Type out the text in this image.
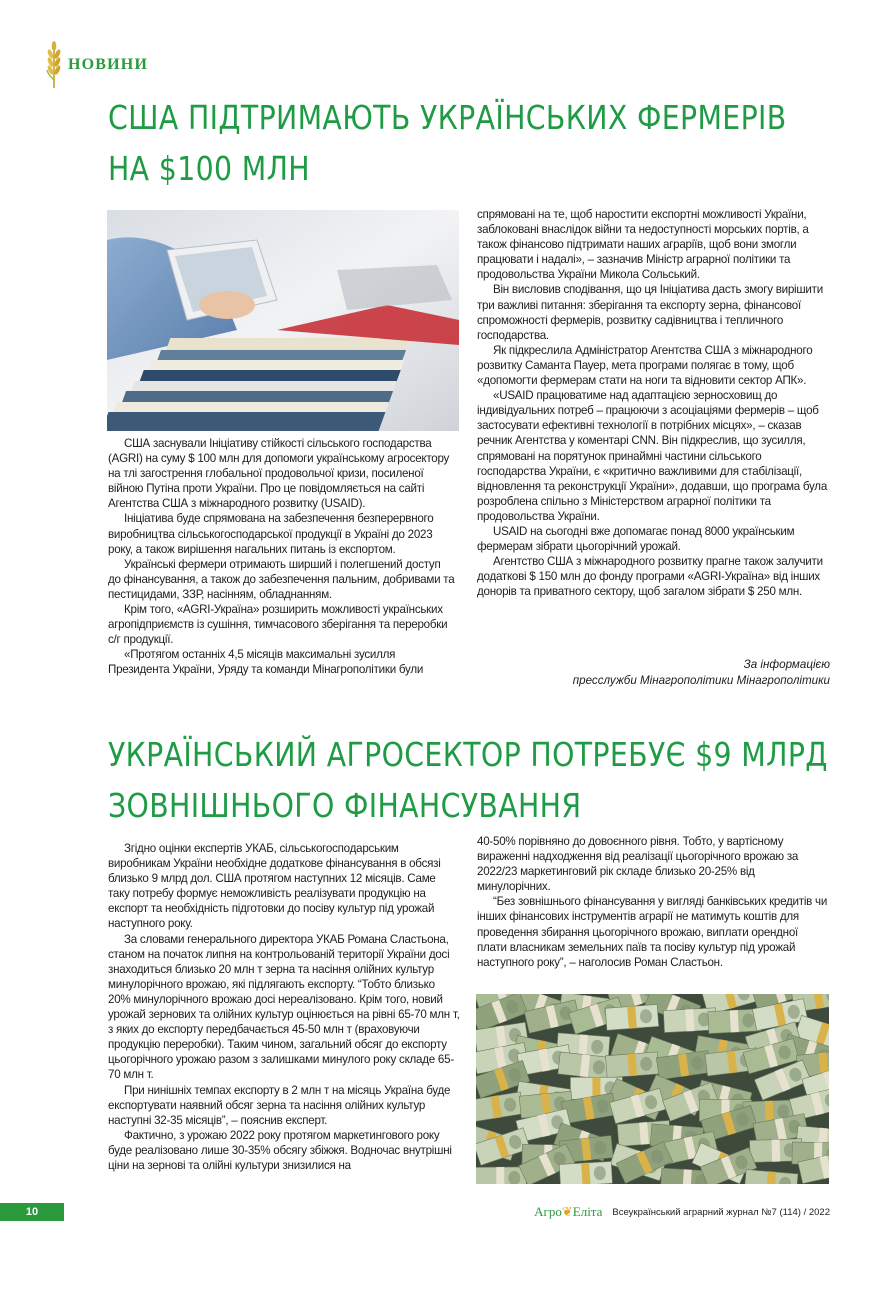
НОВИНИ
США ПІДТРИМАЮТЬ УКРАЇНСЬКИХ ФЕРМЕРІВ
НА $100 МЛН

США заснували Ініціативу стійкості сільського господарства (AGRI) на суму $ 100 млн для допомоги українському агросектору на тлі загострення глобальної продовольчої кризи, посиленої війною Путіна проти України. Про це повідомляється на сайті Агентства США з міжнародного розвитку (USAID).

Ініціатива буде спрямована на забезпечення безперервного виробництва сільськогосподарської продукції в Україні до 2023 року, а також вирішення нагальних питань із експортом.

Українські фермери отримають ширший і полегшений доступ до фінансування, а також до забезпечення пальним, добривами та пестицидами, ЗЗР, насінням, обладнанням.

Крім того, «AGRI-Україна» розширить можливості українських агропідприємств із сушіння, тимчасового зберігання та переробки с/г продукції.

«Протягом останніх 4,5 місяців максимальні зусилля Президента України, Уряду та команди Мінагрополітики були

спрямовані на те, щоб наростити експортні можливості України, заблоковані внаслідок війни та недоступності морських портів, а також фінансово підтримати наших аграріїв, щоб вони змогли працювати і надалі», – зазначив Міністр аграрної політики та продовольства України Микола Сольський.

Він висловив сподівання, що ця Ініціатива дасть змогу вирішити три важливі питання: зберігання та експорту зерна, фінансової спроможності фермерів, розвитку садівництва і тепличного господарства.

Як підкреслила Адміністратор Агентства США з міжнародного розвитку Саманта Пауер, мета програми полягає в тому, щоб «допомогти фермерам стати на ноги та відновити сектор АПК».

«USAID працюватиме над адаптацією зерносховищ до індивідуальних потреб – працюючи з асоціаціями фермерів – щоб застосувати ефективні технології в потрібних місцях», – сказав речник Агентства у коментарі CNN. Він підкреслив, що зусилля, спрямовані на порятунок принаймні частини сільського господарства України, є «критично важливими для стабілізації, відновлення та реконструкції України», додавши, що програма була розроблена спільно з Міністерством аграрної політики та продовольства України.

USAID на сьогодні вже допомагає понад 8000 українським фермерам зібрати цьогорічний урожай.

Агентство США з міжнародного розвитку прагне також залучити додаткові $ 150 млн до фонду програми «AGRI-Україна» від інших донорів та приватного сектору, щоб загалом зібрати $ 250 млн.

За інформацією
пресслужби Мінагрополітики Мінагрополітики
УКРАЇНСЬКИЙ АГРОСЕКТОР ПОТРЕБУЄ $9 МЛРД
ЗОВНІШНЬОГО ФІНАНСУВАННЯ

Згідно оцінки експертів УКАБ, сільськогосподарським виробникам України необхідне додаткове фінансування в обсязі близько 9 млрд дол. США протягом наступних 12 місяців. Саме таку потребу формує неможливість реалізувати продукцію на експорт та необхідність підготовки до посіву культур під урожай наступного року.

За словами генерального директора УКАБ Романа Сластьона, станом на початок липня на контрольованій території України досі знаходиться близько 20 млн т зерна та насіння олійних культур минулорічного врожаю, які підлягають експорту. “Тобто близько 20% минулорічного врожаю досі нереалізовано. Крім того, новий урожай зернових та олійних культур оцінюється на рівні 65-70 млн т, з яких до експорту передбачається 45-50 млн т (враховуючи продукцію переробки). Таким чином, загальний обсяг до експорту цьогорічного урожаю разом з залишками минулого року складе 65-70 млн т.

При нинішніх темпах експорту в 2 млн т на місяць Україна буде експортувати наявний обсяг зерна та насіння олійних культур наступні 32-35 місяців”, – пояснив експерт.

Фактично, з урожаю 2022 року протягом маркетингового року буде реалізовано лише 30-35% обсягу збіжжя. Водночас внутрішні ціни на зернові та олійні культури знизилися на

40-50% порівняно до довоєнного рівня. Тобто, у вартісному вираженні надходження від реалізації цьогорічного врожаю за 2022/23 маркетинговий рік складе близько 20-25% від минулорічних.

“Без зовнішнього фінансування у вигляді банківських кредитів чи інших фінансових інструментів аграрії не матимуть коштів для проведення збирання цьогорічного врожаю, виплати орендної плати власникам земельних паїв та посіву культур під урожай наступного року”, – наголосив Роман Сластьон.

10	Агро❦Еліта Всеукраїнський аграрний журнал №7 (114) / 2022
